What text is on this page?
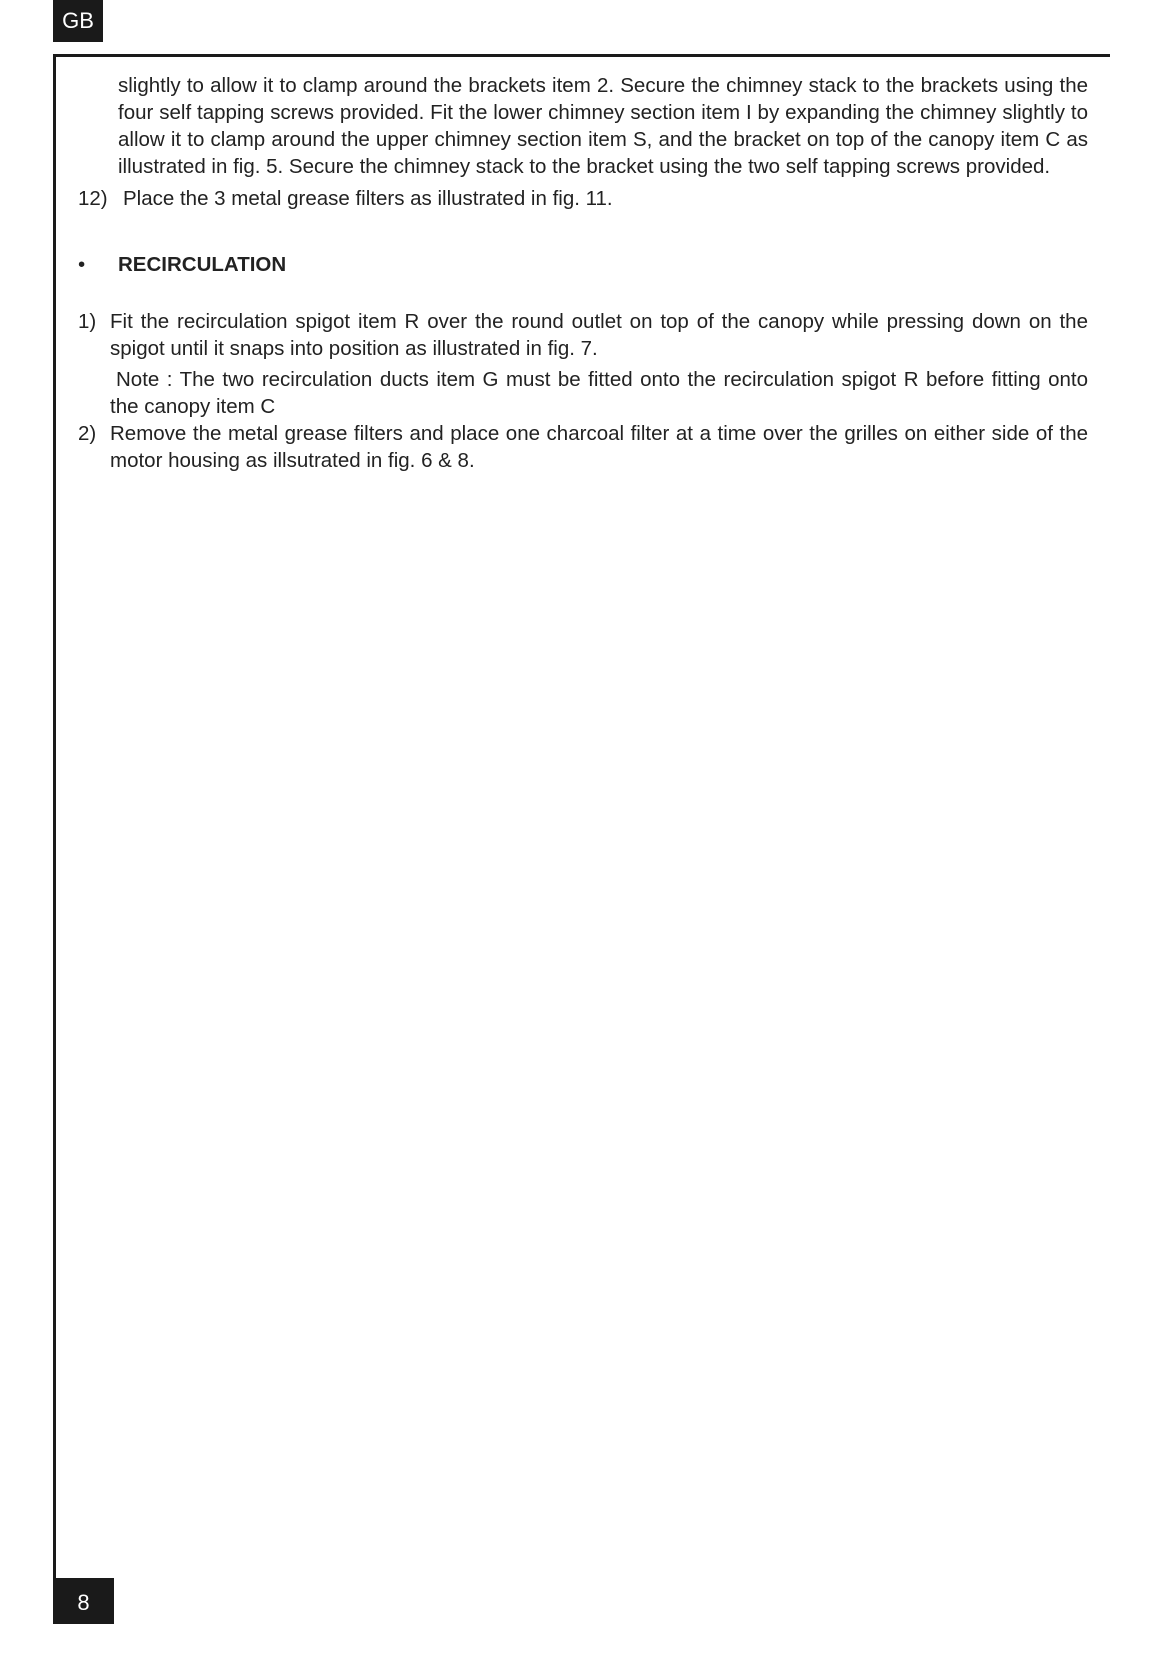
GB

slightly to allow it to clamp around the brackets item 2. Secure the chimney stack to the brackets using the four self tapping screws provided. Fit the lower chimney section item I by expanding the chimney slightly to allow it to clamp around the upper chimney section item S, and the bracket on top of the canopy item C as illustrated in fig. 5. Secure the chimney stack to the bracket using the two self tapping screws provided.

12) Place the 3 metal grease filters as illustrated in fig. 11.
•	RECIRCULATION
1) Fit the recirculation spigot item R over the round outlet on top of the canopy while pressing down on the spigot until it snaps into position as illustrated in fig. 7.

Note : The two recirculation ducts item G must be fitted onto the recirculation spigot R before fitting onto the canopy item C

2) Remove the metal grease filters and place one charcoal filter at a time over the grilles on either side of the motor housing as illsutrated in fig. 6 & 8.
8
